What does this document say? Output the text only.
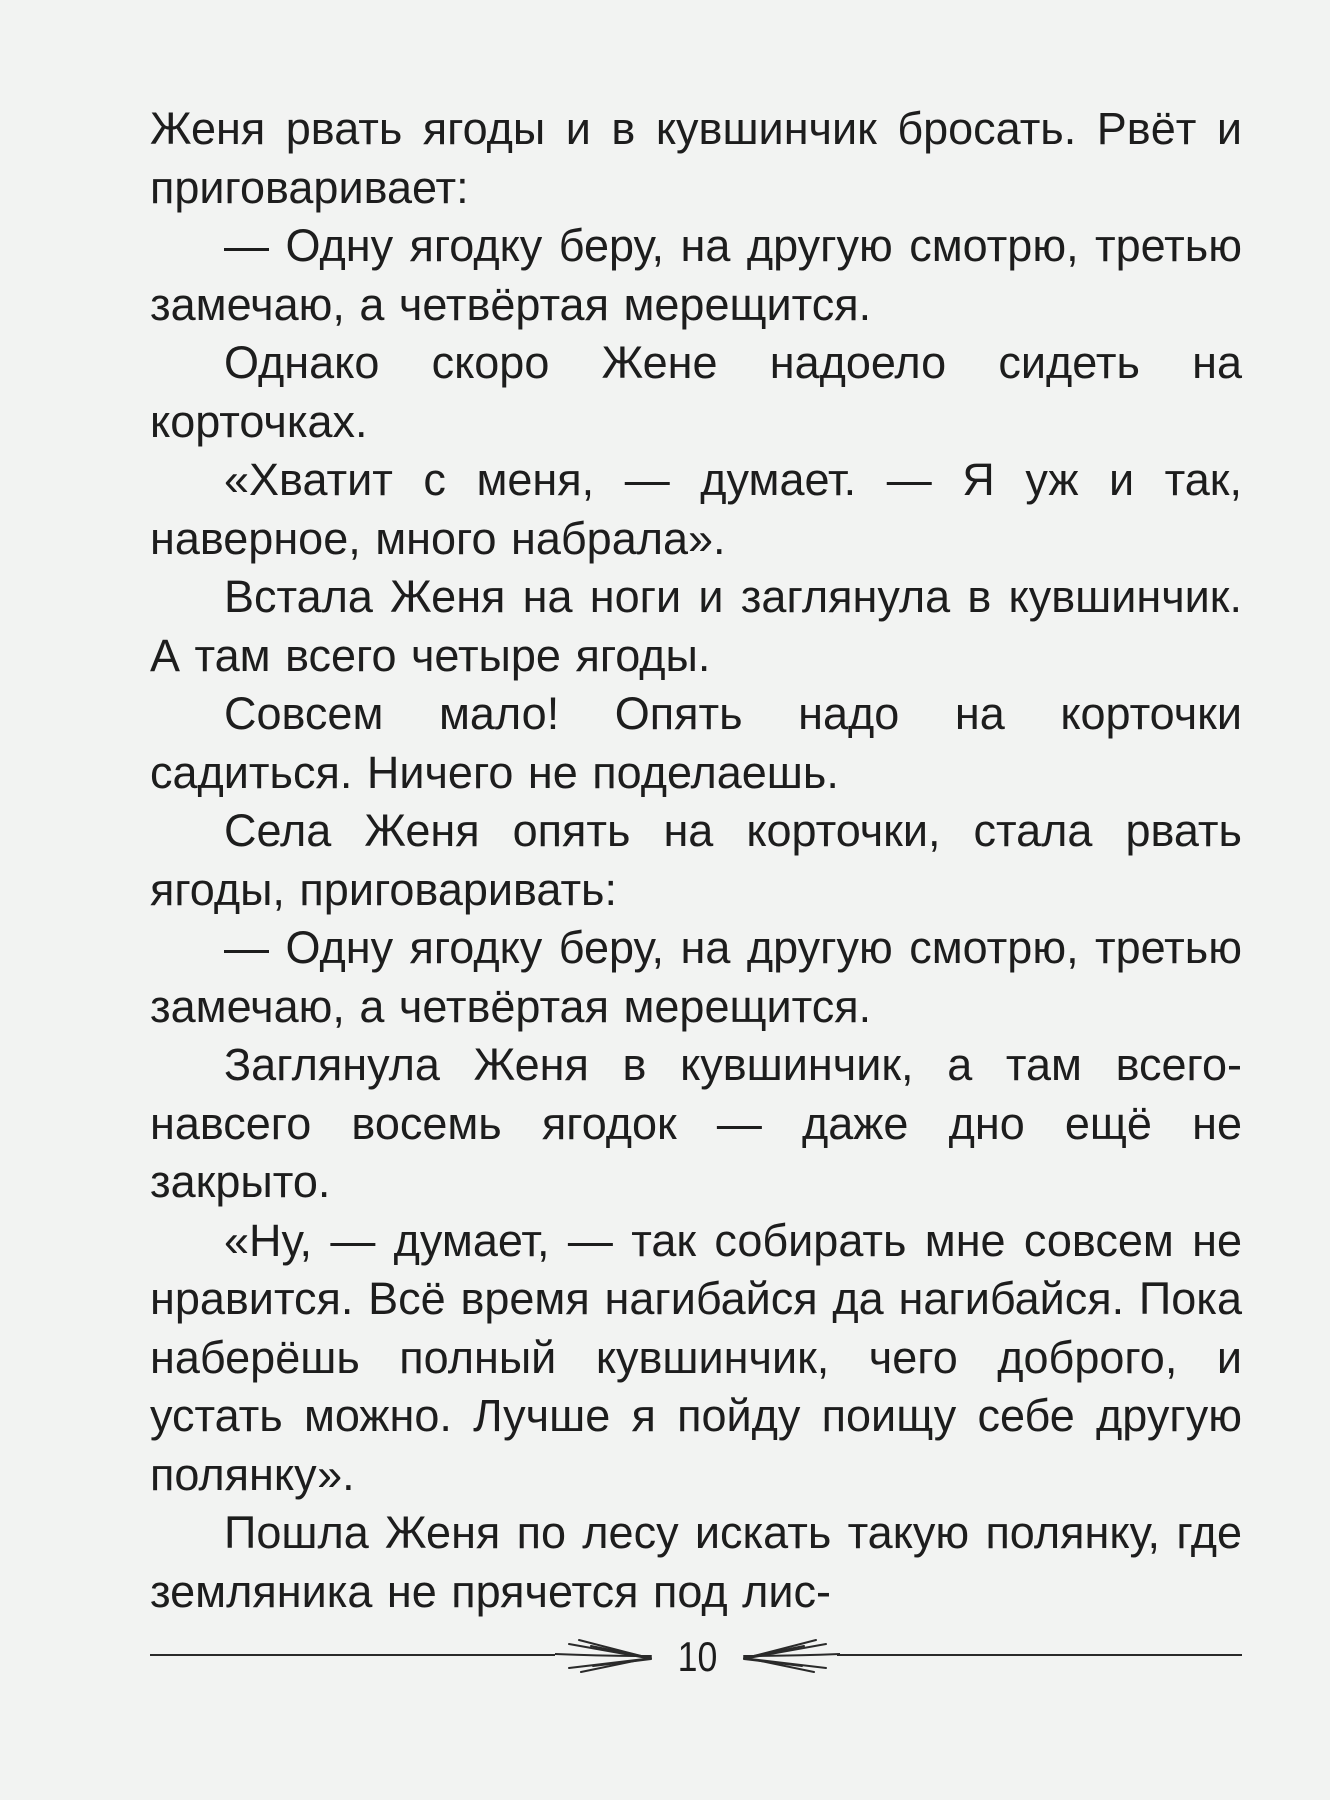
Женя рвать ягоды и в кувшинчик бросать. Рвёт и приговаривает:

— Одну ягодку беру, на другую смотрю, третью замечаю, а четвёртая мерещится.

Однако скоро Жене надоело сидеть на корточках.

«Хватит с меня, — думает. — Я уж и так, наверное, много набрала».

Встала Женя на ноги и заглянула в кувшинчик. А там всего четыре ягоды.

Совсем мало! Опять надо на корточки садиться. Ничего не поделаешь.

Села Женя опять на корточки, стала рвать ягоды, приговаривать:

— Одну ягодку беру, на другую смотрю, третью замечаю, а четвёртая мерещится.

Заглянула Женя в кувшинчик, а там всего-навсего восемь ягодок — даже дно ещё не закрыто.

«Ну, — думает, — так собирать мне совсем не нравится. Всё время нагибайся да нагибайся. Пока наберёшь полный кувшинчик, чего доброго, и устать можно. Лучше я пойду поищу себе другую полянку».

Пошла Женя по лесу искать такую полянку, где земляника не прячется под лис-

10
